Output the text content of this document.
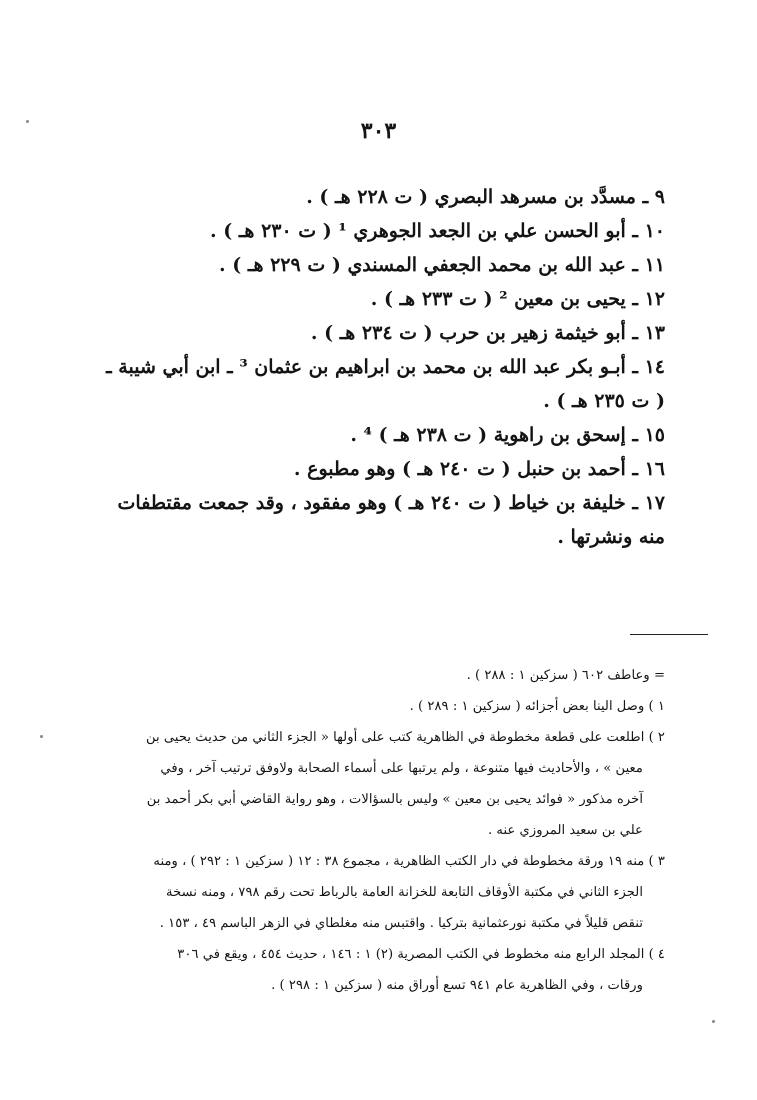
٣٠٣
٩ ـ مسدَّد بن مسرهد البصري ( ت ٢٢٨ هـ ) .
١٠ ـ أبو الحسن علي بن الجعد الجوهري ¹ ( ت ٢٣٠ هـ ) .
١١ ـ عبد الله بن محمد الجعفي المسندي ( ت ٢٢٩ هـ ) .
١٢ ـ يحيى بن معين ² ( ت ٢٣٣ هـ ) .
١٣ ـ أبو خيثمة زهير بن حرب ( ت ٢٣٤ هـ ) .
١٤ ـ أبـو بكر عبد الله بن محمد بن ابراهيم بن عثمان ³ ـ ابن أبي شيبة ـ
( ت ٢٣٥ هـ ) .
١٥ ـ إسحق بن راهوية ( ت ٢٣٨ هـ ) ⁴ .
١٦ ـ أحمد بن حنبل ( ت ٢٤٠ هـ ) وهو مطبوع .
١٧ ـ خليفة بن خياط ( ت ٢٤٠ هـ ) وهو مفقود ، وقد جمعت مقتطفات
منه ونشرتها .
= وعاطف ٦٠٢ ( سزكين ١ : ٢٨٨ ) .
١ ) وصل الينا بعض أجزائه ( سزكين ١ : ٢٨٩ ) .
٢ ) اطلعت على قطعة مخطوطة في الظاهرية كتب على أولها « الجزء الثاني من حديث يحيى بن
معين » ، والأحاديث فيها متنوعة ، ولم يرتبها على أسماء الصحابة ولاوفق ترتيب آخر ، وفي
آخره مذكور « فوائد يحيى بن معين » وليس بالسؤالات ، وهو رواية القاضي أبي بكر أحمد بن
علي بن سعيد المروزي عنه .
٣ ) منه ١٩ ورقة مخطوطة في دار الكتب الظاهرية ، مجموع ٣٨ : ١٢ ( سزكين ١ : ٢٩٢ ) ، ومنه
الجزء الثاني في مكتبة الأوقاف التابعة للخزانة العامة بالرباط تحت رقم ٧٩٨ ، ومنه نسخة
تنقص قليلاً في مكتبة نورعثمانية بتركيا . واقتبس منه مغلطاي في الزهر الباسم ٤٩ ، ١٥٣ .
٤ ) المجلد الرابع منه مخطوط في الكتب المصرية (٢) ١ : ١٤٦ ، حديث ٤٥٤ ، ويقع في ٣٠٦
ورقات ، وفي الظاهرية عام ٩٤١ تسع أوراق منه ( سزكين ١ : ٢٩٨ ) .
